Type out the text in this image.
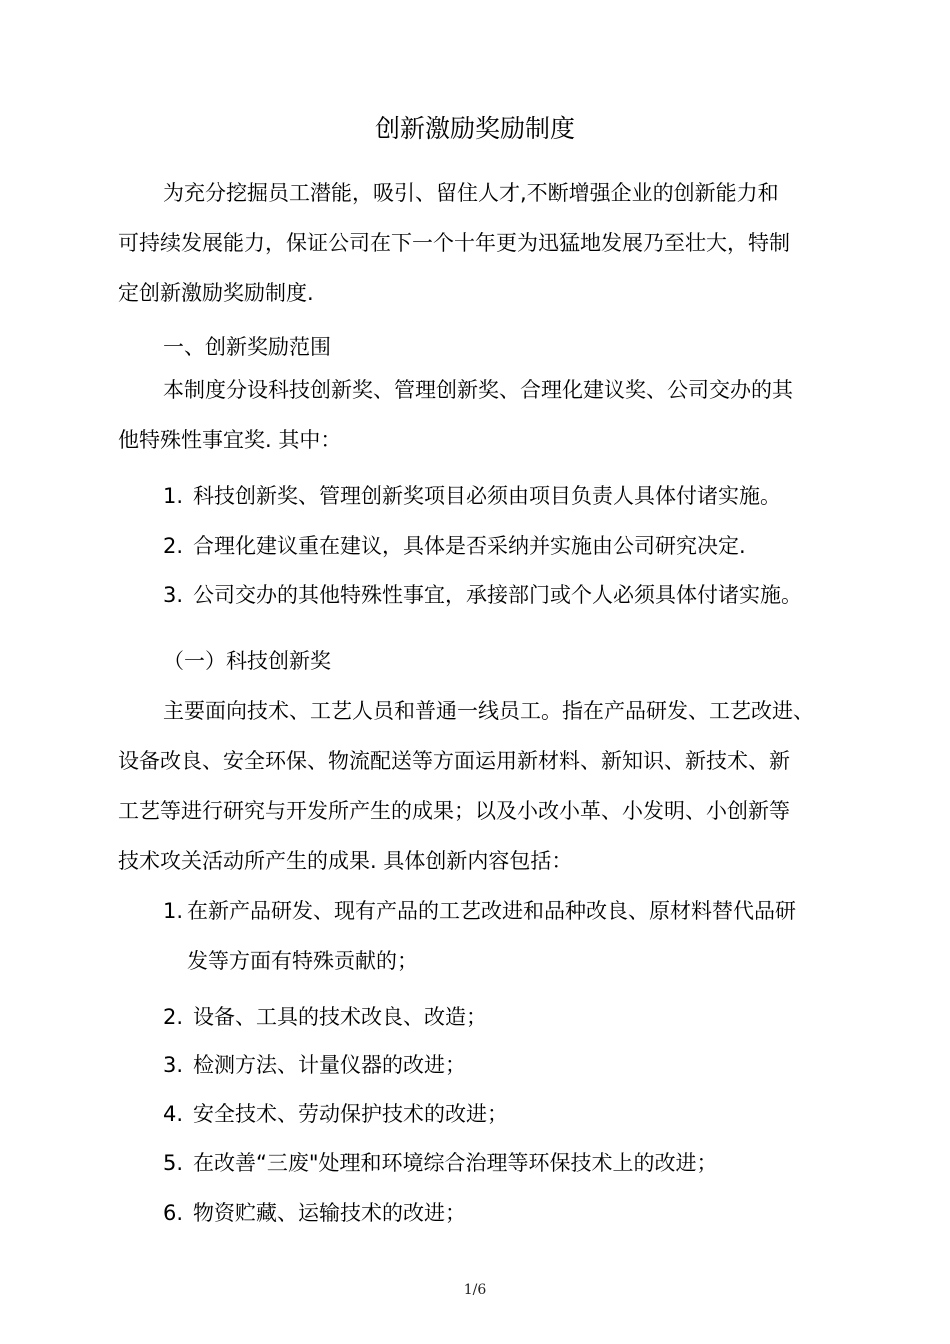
创新激励奖励制度
为充分挖掘员工潜能，吸引、留住人才,不断增强企业的创新能力和
可持续发展能力，保证公司在下一个十年更为迅猛地发展乃至壮大，特制
定创新激励奖励制度.
一、创新奖励范围
本制度分设科技创新奖、管理创新奖、合理化建议奖、公司交办的其
他特殊性事宜奖. 其中：
1. 科技创新奖、管理创新奖项目必须由项目负责人具体付诸实施。
2. 合理化建议重在建议，具体是否采纳并实施由公司研究决定.
3. 公司交办的其他特殊性事宜，承接部门或个人必须具体付诸实施。
（一）科技创新奖
主要面向技术、工艺人员和普通一线员工。指在产品研发、工艺改进、
设备改良、安全环保、物流配送等方面运用新材料、新知识、新技术、新
工艺等进行研究与开发所产生的成果；以及小改小革、小发明、小创新等
技术攻关活动所产生的成果. 具体创新内容包括：
1. 在新产品研发、现有产品的工艺改进和品种改良、原材料替代品研
发等方面有特殊贡献的；
2. 设备、工具的技术改良、改造；
3. 检测方法、计量仪器的改进；
4. 安全技术、劳动保护技术的改进；
5. 在改善“三废"处理和环境综合治理等环保技术上的改进；
6. 物资贮藏、运输技术的改进；
1/6
